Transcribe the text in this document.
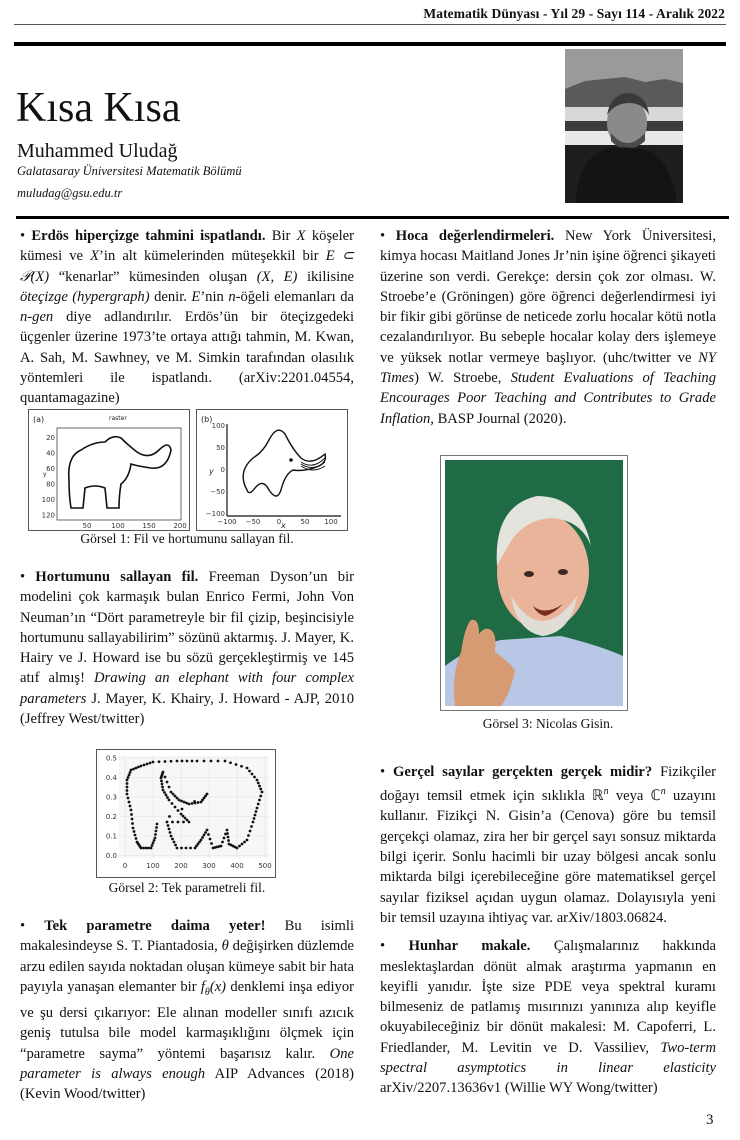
Matematik Dünyası - Yıl 29 - Sayı 114 - Aralık 2022
Kısa Kısa
Muhammed Uludağ
Galatasaray Üniversitesi Matematik Bölümü
muludag@gsu.edu.tr

• Erdös hiperçizge tahmini ispatlandı. Bir X köşeler kümesi ve X’in alt kümelerinden müteşekkil bir E ⊂ 𝒫(X) “kenarlar” kümesinden oluşan (X, E) ikilisine öteçizge (hypergraph) denir. E’nin n-öğeli elemanları da n-gen diye adlandırılır. Erdös’ün bir öteçizgedeki üçgenler üzerine 1973’te ortaya attığı tahmin, M. Kwan, A. Sah, M. Sawhney, ve M. Simkin tarafından olasılık yöntemleri ile ispatlandı. (arXiv:2201.04554, quantamagazine)

(a)	raster
y
20
40
60
80
100
120
50	100	150	200
(b)
y
x
100
50
0
−50
−100
−100 −50 0	50 100
Görsel 1: Fil ve hortumunu sallayan fil.

• Hortumunu sallayan fil. Freeman Dyson’un bir modelini çok karmaşık bulan Enrico Fermi, John Von Neuman’ın “Dört parametreyle bir fil çizip, beşincisiyle hortumunu sallayabilirim” sözünü aktarmış. J. Mayer, K. Hairy ve J. Howard ise bu sözü gerçekleştirmiş ve 145 atıf almış! Drawing an elephant with four complex parameters J. Mayer, K. Khairy, J. Howard - AJP, 2010 (Jeffrey West/twitter)

0.5
0.4
0.3
0.2
0.1
0.0
0	100 200 300 400 500
Görsel 2: Tek parametreli fil.

• Tek parametre daima yeter! Bu isimli makalesindeyse S. T. Piantadosia, θ değişirken düzlemde arzu edilen sayıda noktadan oluşan kümeye sabit bir hata payıyla yanaşan elemanter bir $f_\theta(x)$ denklemi inşa ediyor ve şu dersi çıkarıyor: Ele alınan modeller sınıfı azıcık geniş tutulsa bile model karmaşıklığını ölçmek için “parametre sayma” yöntemi başarısız kalır. One parameter is always enough AIP Advances (2018) (Kevin Wood/twitter)

• Hoca değerlendirmeleri. New York Üniversitesi, kimya hocası Maitland Jones Jr’nin işine öğrenci şikayeti üzerine son verdi. Gerekçe: dersin çok zor olması. W. Stroebe’e (Gröningen) göre öğrenci değerlendirmesi iyi bir fikir gibi görünse de neticede zorlu hocalar kötü notla cezalandırılıyor. Bu sebeple hocalar kolay ders işlemeye ve yüksek notlar vermeye başlıyor. (uhc/twitter ve NY Times) W. Stroebe, Student Evaluations of Teaching Encourages Poor Teaching and Contributes to Grade Inflation, BASP Journal (2020).

Görsel 3: Nicolas Gisin.

• Gerçel sayılar gerçekten gerçek midir? Fizikçiler doğayı temsil etmek için sıklıkla ℝ$^n$ veya ℂ$^n$ uzayını kullanır. Fizikçi N. Gisin’a (Cenova) göre bu temsil gerçekçi olamaz, zira her bir gerçel sayı sonsuz miktarda bilgi içerir. Sonlu hacimli bir uzay bölgesi ancak sonlu miktarda bilgi içerebileceğine göre matematiksel gerçel sayılar fiziksel açıdan uygun olamaz. Dolayısıyla yeni bir temsil uzayına ihtiyaç var. arXiv/1803.06824.

• Hunhar makale. Çalışmalarınız hakkında meslektaşlardan dönüt almak araştırma yapmanın en keyifli yanıdır. İşte size PDE veya spektral kuramı bilmeseniz de patlamış mısırınızı yanınıza alıp keyifle okuyabileceğiniz bir dönüt makalesi: M. Capoferri, L. Friedlander, M. Levitin ve D. Vassiliev, Two-term spectral asymptotics in linear elasticity arXiv/2207.13636v1 (Willie WY Wong/twitter)

3
